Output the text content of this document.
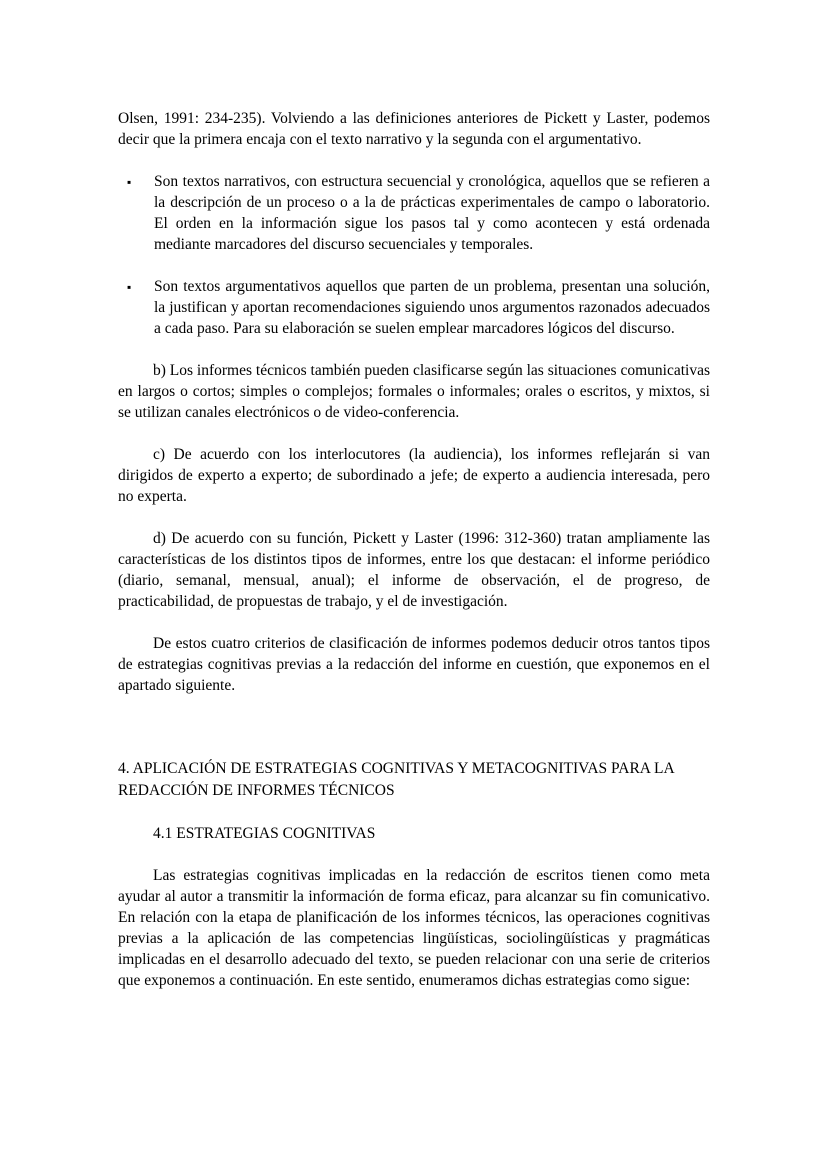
Olsen, 1991: 234-235). Volviendo a las definiciones anteriores de Pickett y Laster, podemos decir que la primera encaja con el texto narrativo y la segunda con el argumentativo.

▪ Son textos narrativos, con estructura secuencial y cronológica, aquellos que se refieren a la descripción de un proceso o a la de prácticas experimentales de campo o laboratorio. El orden en la información sigue los pasos tal y como acontecen y está ordenada mediante marcadores del discurso secuenciales y temporales.
▪ Son textos argumentativos aquellos que parten de un problema, presentan una solución, la justifican y aportan recomendaciones siguiendo unos argumentos razonados adecuados a cada paso. Para su elaboración se suelen emplear marcadores lógicos del discurso.

b) Los informes técnicos también pueden clasificarse según las situaciones comunicativas en largos o cortos; simples o complejos; formales o informales; orales o escritos, y mixtos, si se utilizan canales electrónicos o de video-conferencia.

c) De acuerdo con los interlocutores (la audiencia), los informes reflejarán si van dirigidos de experto a experto; de subordinado a jefe; de experto a audiencia interesada, pero no experta.

d) De acuerdo con su función, Pickett y Laster (1996: 312-360) tratan ampliamente las características de los distintos tipos de informes, entre los que destacan: el informe periódico (diario, semanal, mensual, anual); el informe de observación, el de progreso, de practicabilidad, de propuestas de trabajo, y el de investigación.

De estos cuatro criterios de clasificación de informes podemos deducir otros tantos tipos de estrategias cognitivas previas a la redacción del informe en cuestión, que exponemos en el apartado siguiente.

4. APLICACIÓN DE ESTRATEGIAS COGNITIVAS Y METACOGNITIVAS PARA LA REDACCIÓN DE INFORMES TÉCNICOS
4.1 ESTRATEGIAS COGNITIVAS

Las estrategias cognitivas implicadas en la redacción de escritos tienen como meta ayudar al autor a transmitir la información de forma eficaz, para alcanzar su fin comunicativo. En relación con la etapa de planificación de los informes técnicos, las operaciones cognitivas previas a la aplicación de las competencias lingüísticas, sociolingüísticas y pragmáticas implicadas en el desarrollo adecuado del texto, se pueden relacionar con una serie de criterios que exponemos a continuación. En este sentido, enumeramos dichas estrategias como sigue:
